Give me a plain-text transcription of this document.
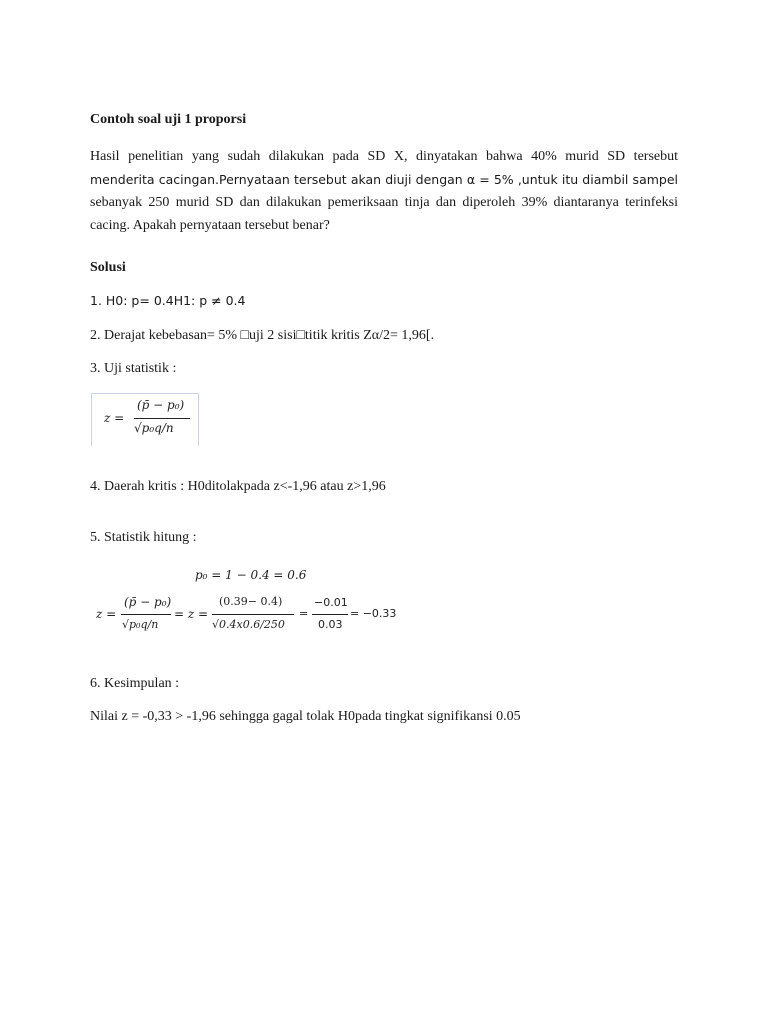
Contoh soal uji 1 proporsi
Hasil penelitian yang sudah dilakukan pada SD X, dinyatakan bahwa 40% murid SD tersebut menderita cacingan.Pernyataan tersebut akan diuji dengan α = 5% ,untuk itu diambil sampel sebanyak 250 murid SD dan dilakukan pemeriksaan tinja dan diperoleh 39% diantaranya terinfeksi cacing. Apakah pernyataan tersebut benar?
Solusi
1. H0: p= 0.4H1: p ≠ 0.4
2. Derajat kebebasan= 5% □uji 2 sisi□titik kritis Zα/2= 1,96[.
3. Uji statistik :
z =
(p̄ − p₀)
√p₀q/n
4. Daerah kritis : H0ditolakpada z<-1,96 atau z>1,96
5. Statistik hitung :
p₀ = 1 − 0.4 = 0.6
z =
(p̄ − p₀)
√p₀q/n
= z =
(0.39− 0.4)
√0.4x0.6/250
=
−0.01
0.03
= −0.33
6. Kesimpulan :
Nilai z = -0,33 > -1,96 sehingga gagal tolak H0pada tingkat signifikansi 0.05
